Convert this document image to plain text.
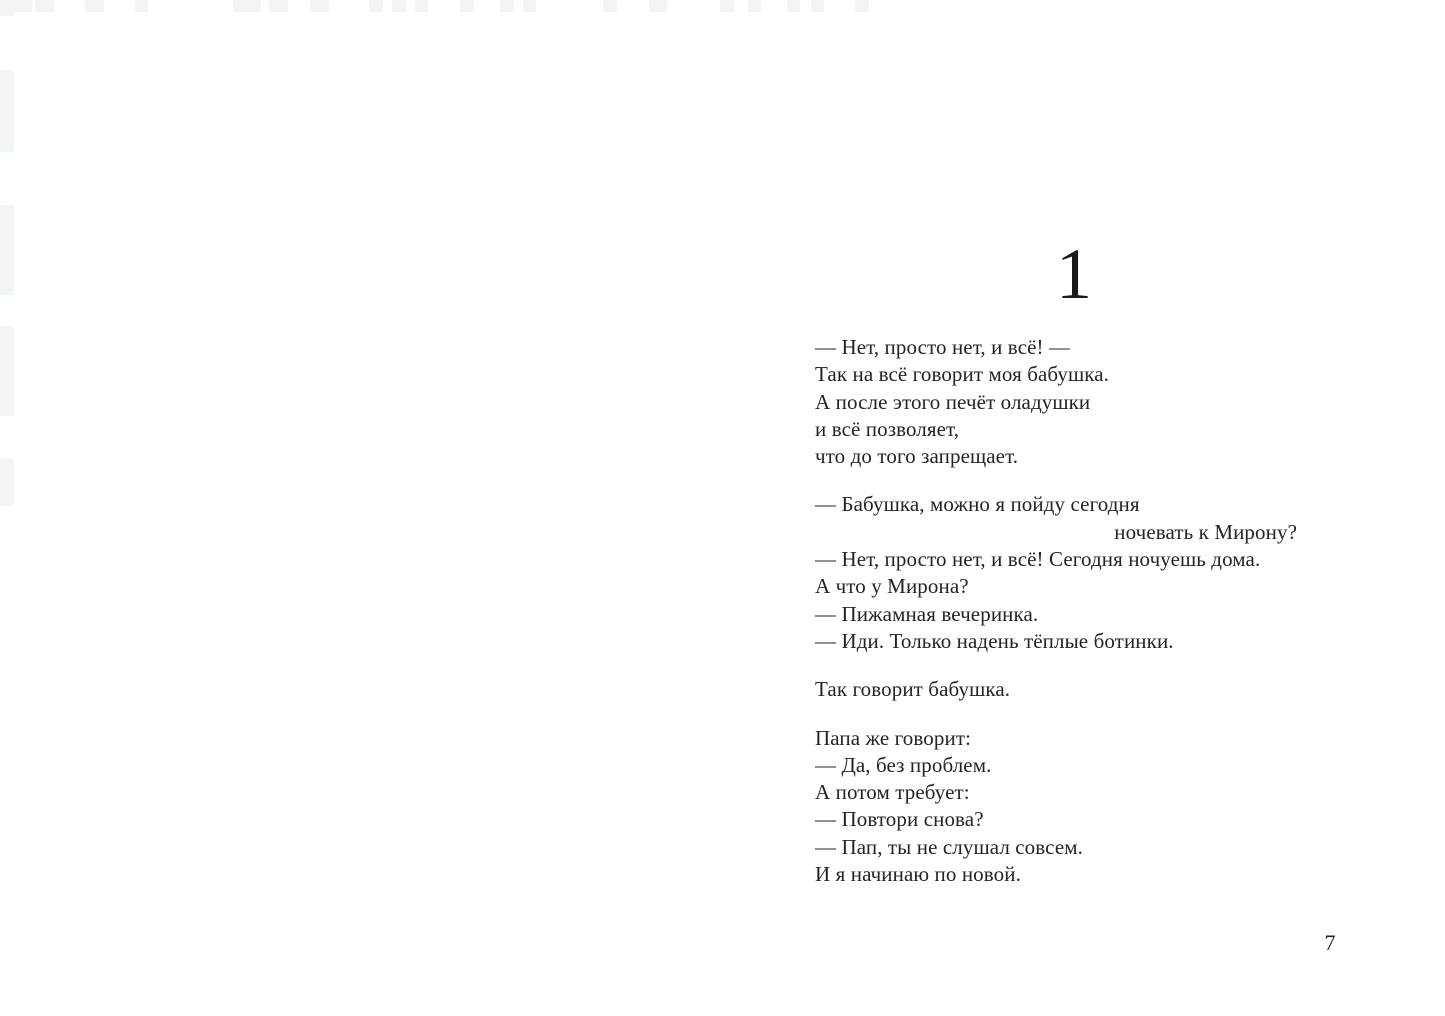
1
— Нет, просто нет, и всё! —
Так на всё говорит моя бабушка.
А после этого печёт оладушки
и всё позволяет,
что до того запрещает.
— Бабушка, можно я пойду сегодня
ночевать к Мирону?
— Нет, просто нет, и всё! Сегодня ночуешь дома.
А что у Мирона?
— Пижамная вечеринка.
— Иди. Только надень тёплые ботинки.
Так говорит бабушка.
Папа же говорит:
— Да, без проблем.
А потом требует:
— Повтори снова?
— Пап, ты не слушал совсем.
И я начинаю по новой.
7
